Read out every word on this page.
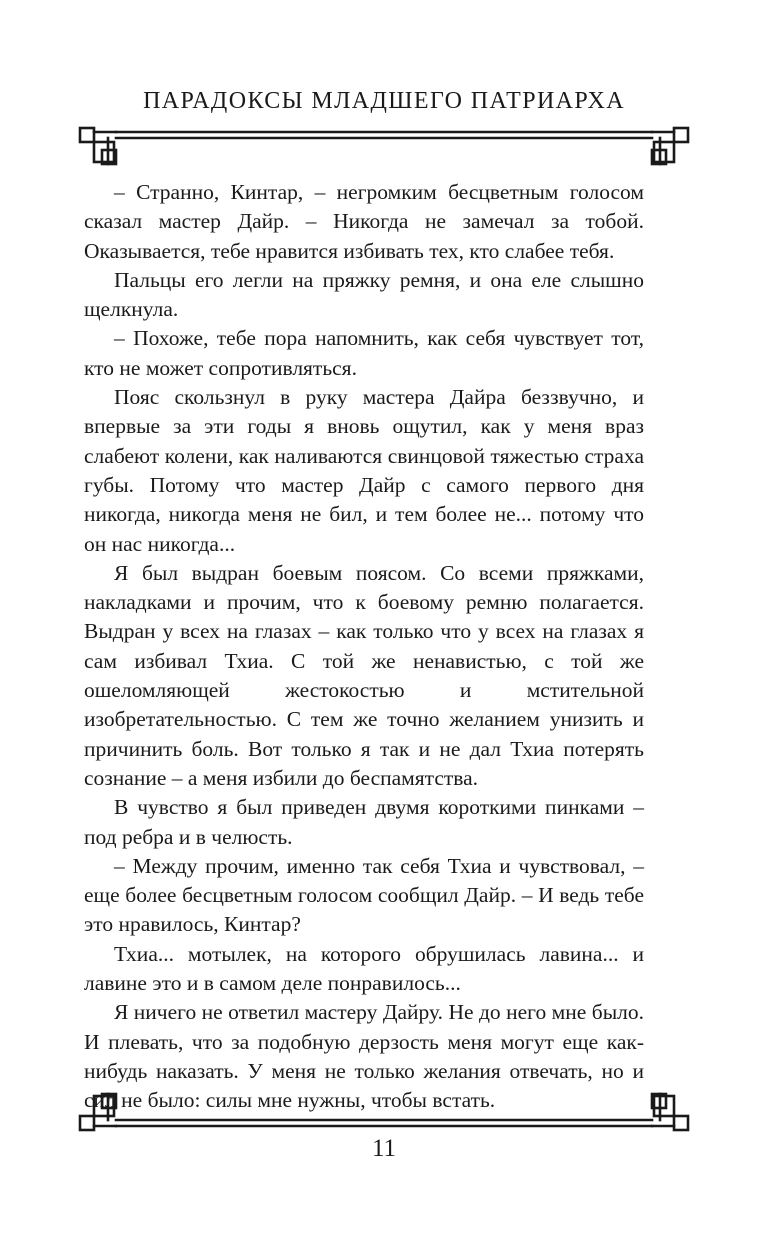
ПАРАДОКСЫ МЛАДШЕГО ПАТРИАРХА

– Странно, Кинтар, – негромким бесцветным голосом сказал мастер Дайр. – Никогда не замечал за тобой. Оказывается, тебе нравится избивать тех, кто слабее тебя.

Пальцы его легли на пряжку ремня, и она еле слышно щелкнула.

– Похоже, тебе пора напомнить, как себя чувствует тот, кто не может сопротивляться.

Пояс скользнул в руку мастера Дайра беззвучно, и впервые за эти годы я вновь ощутил, как у меня враз слабеют колени, как наливаются свинцовой тяжестью страха губы. Потому что мастер Дайр с самого первого дня никогда, никогда меня не бил, и тем более не... потому что он нас никогда...

Я был выдран боевым поясом. Со всеми пряжками, накладками и прочим, что к боевому ремню полагается. Выдран у всех на глазах – как только что у всех на глазах я сам избивал Тхиа. С той же ненавистью, с той же ошеломляющей жестокостью и мстительной изобретательностью. С тем же точно желанием унизить и причинить боль. Вот только я так и не дал Тхиа потерять сознание – а меня избили до беспамятства.

В чувство я был приведен двумя короткими пинками – под ребра и в челюсть.

– Между прочим, именно так себя Тхиа и чувствовал, – еще более бесцветным голосом сообщил Дайр. – И ведь тебе это нравилось, Кинтар?

Тхиа... мотылек, на которого обрушилась лавина... и лавине это и в самом деле понравилось...

Я ничего не ответил мастеру Дайру. Не до него мне было. И плевать, что за подобную дерзость меня могут еще как-нибудь наказать. У меня не только желания отвечать, но и сил не было: силы мне нужны, чтобы встать.

11
